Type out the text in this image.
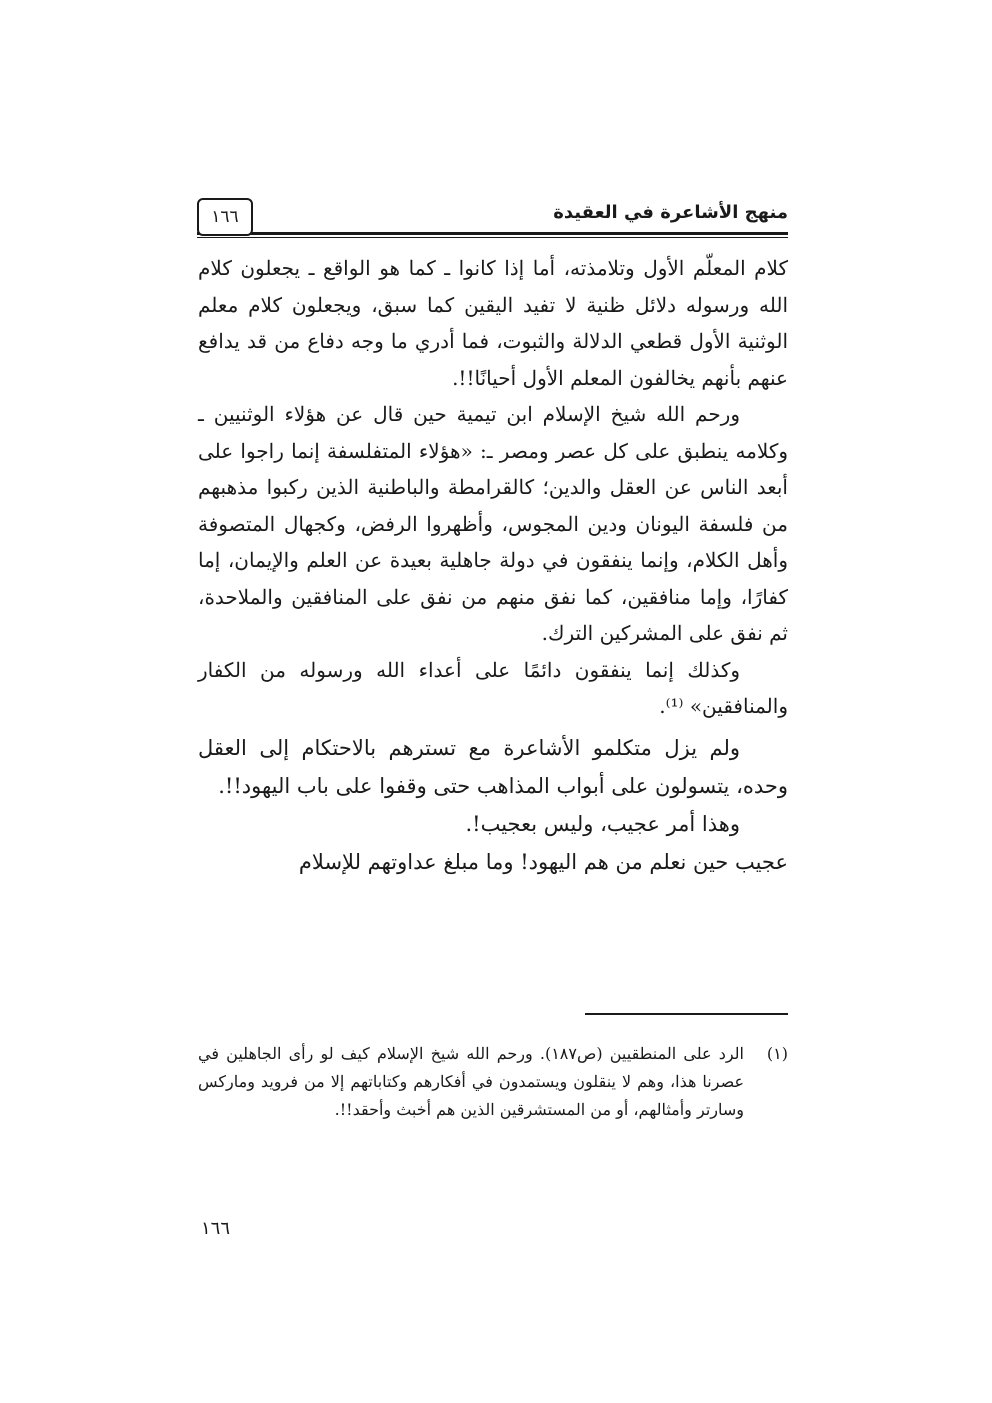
منهج الأشاعرة في العقيدة
١٦٦

كلام المعلّم الأول وتلامذته، أما إذا كانوا ـ كما هو الواقع ـ يجعلون كلام الله ورسوله دلائل ظنية لا تفيد اليقين كما سبق، ويجعلون كلام معلم الوثنية الأول قطعي الدلالة والثبوت، فما أدري ما وجه دفاع من قد يدافع عنهم بأنهم يخالفون المعلم الأول أحيانًا!!.

ورحم الله شيخ الإسلام ابن تيمية حين قال عن هؤلاء الوثنيين ـ وكلامه ينطبق على كل عصر ومصر ـ: «هؤلاء المتفلسفة إنما راجوا على أبعد الناس عن العقل والدين؛ كالقرامطة والباطنية الذين ركبوا مذهبهم من فلسفة اليونان ودين المجوس، وأظهروا الرفض، وكجهال المتصوفة وأهل الكلام، وإنما ينفقون في دولة جاهلية بعيدة عن العلم والإيمان، إما كفارًا، وإما منافقين، كما نفق منهم من نفق على المنافقين والملاحدة، ثم نفق على المشركين الترك.

وكذلك إنما ينفقون دائمًا على أعداء الله ورسوله من الكفار والمنافقين» ⁽¹⁾.

ولم يزل متكلمو الأشاعرة مع تسترهم بالاحتكام إلى العقل وحده، يتسولون على أبواب المذاهب حتى وقفوا على باب اليهود!!.

وهذا أمر عجيب، وليس بعجيب!.

عجيب حين نعلم من هم اليهود! وما مبلغ عداوتهم للإسلام

(١)
الرد على المنطقيين (ص١٨٧). ورحم الله شيخ الإسلام كيف لو رأى الجاهلين في عصرنا هذا، وهم لا ينقلون ويستمدون في أفكارهم وكتاباتهم إلا من فرويد وماركس وسارتر وأمثالهم، أو من المستشرقين الذين هم أخبث وأحقد!!.
١٦٦
